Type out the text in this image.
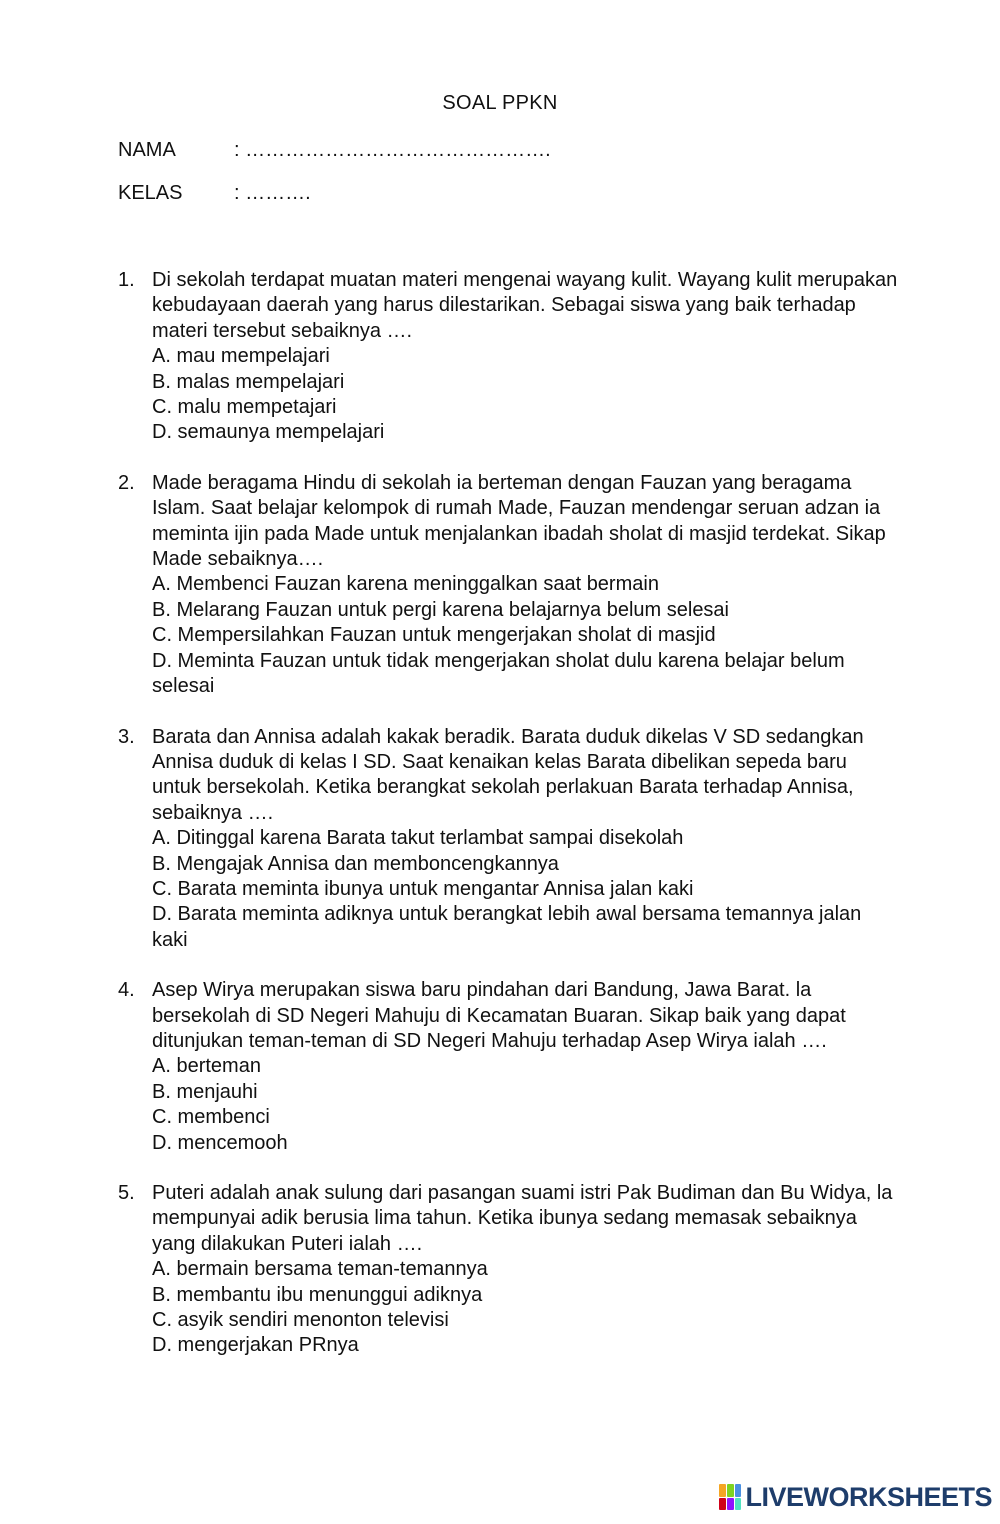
SOAL PPKN
NAMA	: ……………………………………….
KELAS	: ……….
1. Di sekolah terdapat muatan materi mengenai wayang kulit. Wayang kulit merupakan kebudayaan daerah yang harus dilestarikan. Sebagai siswa yang baik terhadap materi tersebut sebaiknya ….

A. mau mempelajari

B. malas mempelajari

C. malu mempetajari

D. semaunya mempelajari

2. Made beragama Hindu di sekolah ia berteman dengan Fauzan yang beragama Islam. Saat belajar kelompok di rumah Made, Fauzan mendengar seruan adzan ia meminta ijin pada Made untuk menjalankan ibadah sholat di masjid terdekat. Sikap Made sebaiknya….

A. Membenci Fauzan karena meninggalkan saat bermain

B. Melarang Fauzan untuk pergi karena belajarnya belum selesai

C. Mempersilahkan Fauzan untuk mengerjakan sholat di masjid

D. Meminta Fauzan untuk tidak mengerjakan sholat dulu karena belajar belum selesai

3. Barata dan Annisa adalah kakak beradik. Barata duduk dikelas V SD sedangkan Annisa duduk di kelas I SD. Saat kenaikan kelas Barata dibelikan sepeda baru untuk bersekolah. Ketika berangkat sekolah perlakuan Barata terhadap Annisa, sebaiknya ….

A. Ditinggal karena Barata takut terlambat sampai disekolah

B. Mengajak Annisa dan memboncengkannya

C. Barata meminta ibunya untuk mengantar Annisa jalan kaki

D. Barata meminta adiknya untuk berangkat lebih awal bersama temannya jalan kaki

4. Asep Wirya merupakan siswa baru pindahan dari Bandung, Jawa Barat. la bersekolah di SD Negeri Mahuju di Kecamatan Buaran. Sikap baik yang dapat ditunjukan teman-teman di SD Negeri Mahuju terhadap Asep Wirya ialah ….

A. berteman

B. menjauhi

C. membenci

D. mencemooh

5. Puteri adalah anak sulung dari pasangan suami istri Pak Budiman dan Bu Widya, la mempunyai adik berusia lima tahun. Ketika ibunya sedang memasak sebaiknya yang dilakukan Puteri ialah ….

A. bermain bersama teman-temannya

B. membantu ibu menunggui adiknya

C. asyik sendiri menonton televisi

D. mengerjakan PRnya

LIVEWORKSHEETS
